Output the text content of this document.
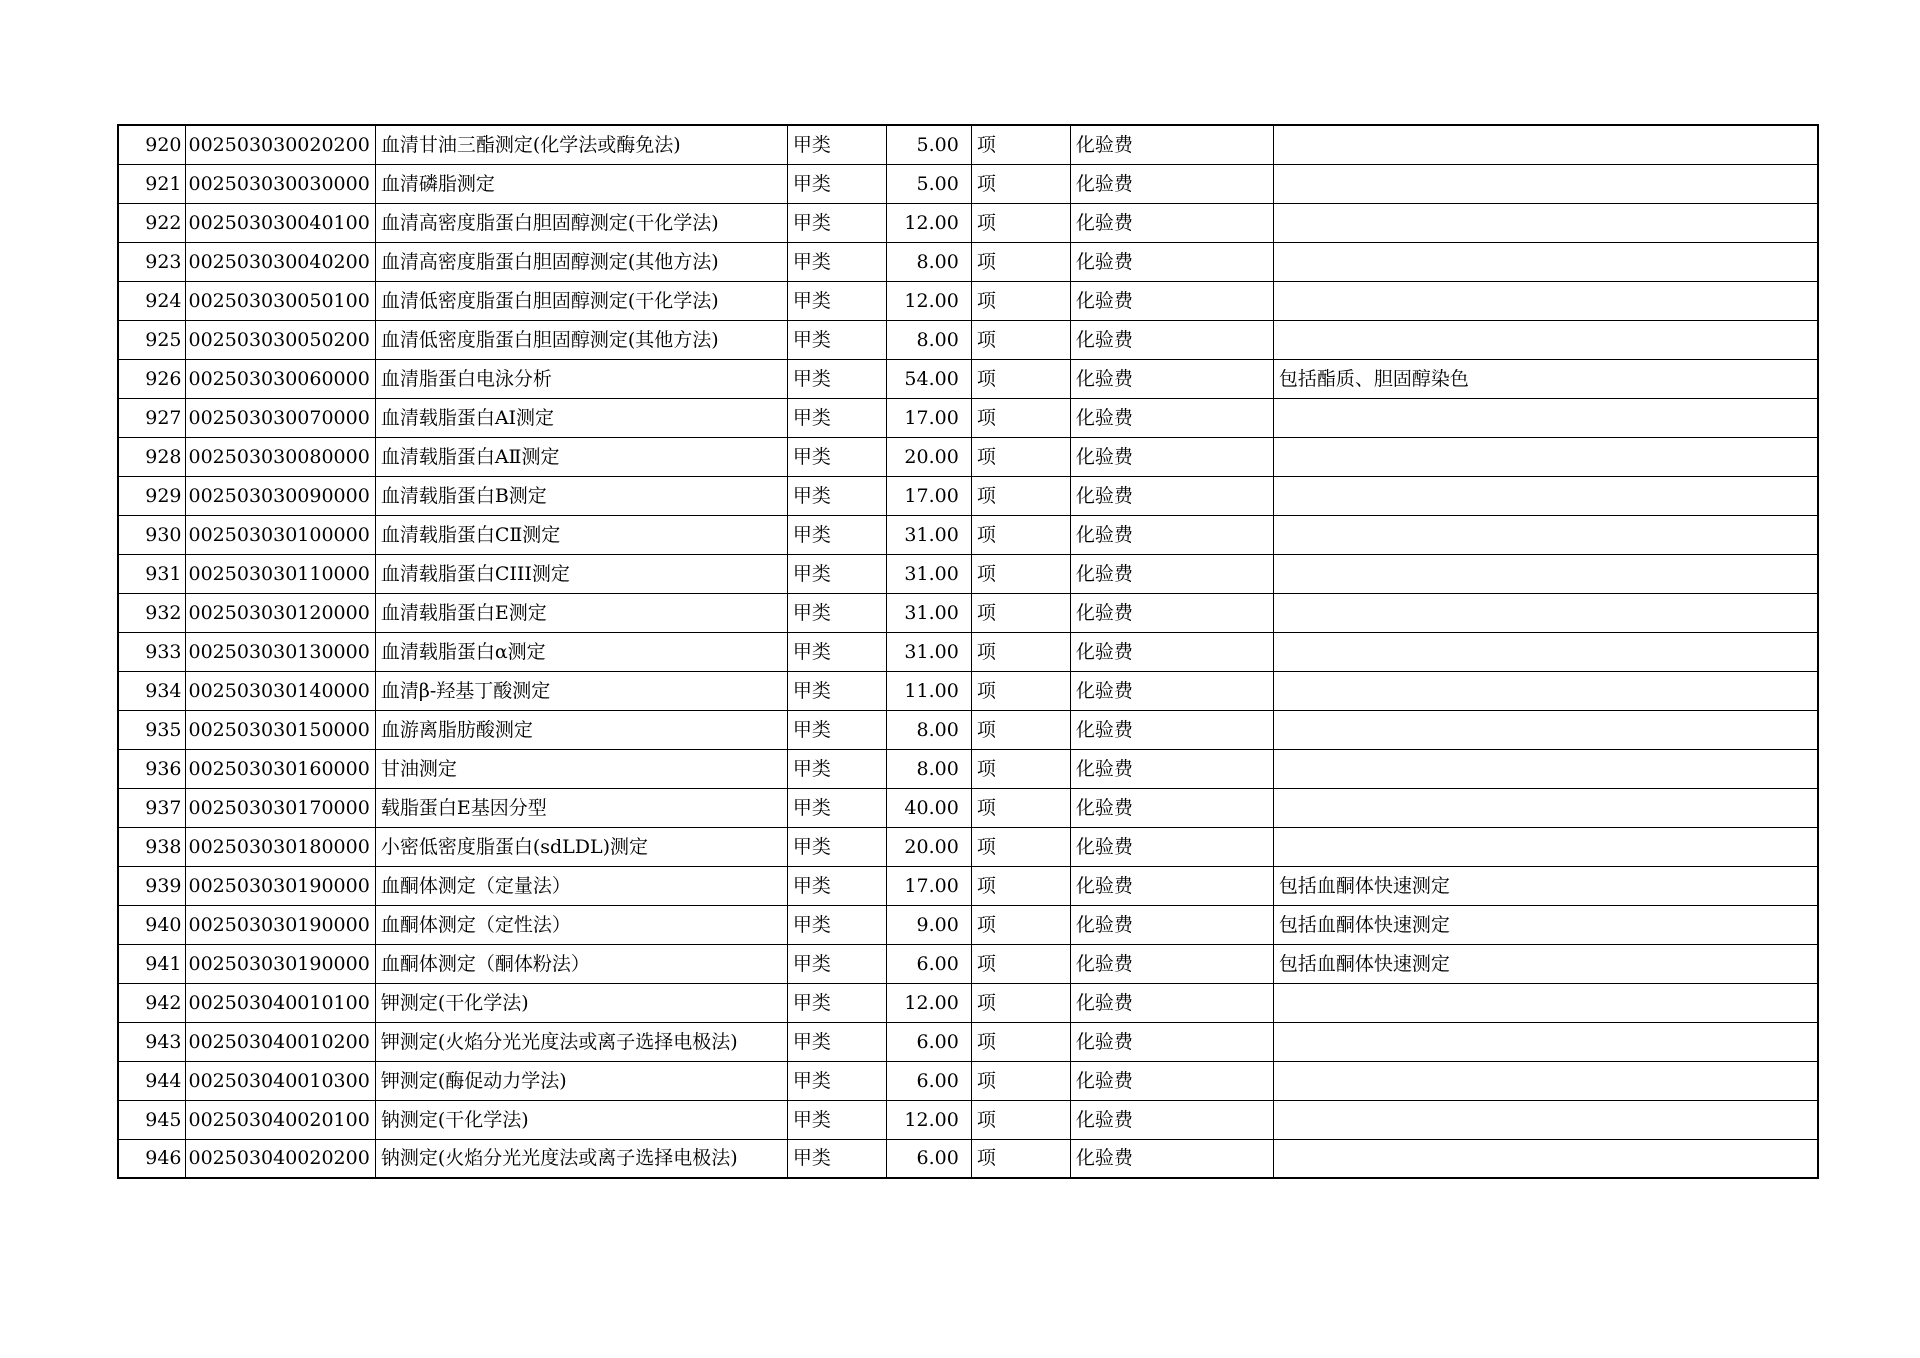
920	002503030020200	血清甘油三酯测定(化学法或酶免法)	甲类	5.00	项	化验费	
921	002503030030000	血清磷脂测定	甲类	5.00	项	化验费	
922	002503030040100	血清高密度脂蛋白胆固醇测定(干化学法)	甲类	12.00	项	化验费	
923	002503030040200	血清高密度脂蛋白胆固醇测定(其他方法)	甲类	8.00	项	化验费	
924	002503030050100	血清低密度脂蛋白胆固醇测定(干化学法)	甲类	12.00	项	化验费	
925	002503030050200	血清低密度脂蛋白胆固醇测定(其他方法)	甲类	8.00	项	化验费	
926	002503030060000	血清脂蛋白电泳分析	甲类	54.00	项	化验费	包括酯质、胆固醇染色
927	002503030070000	血清载脂蛋白AⅠ测定	甲类	17.00	项	化验费	
928	002503030080000	血清载脂蛋白AⅡ测定	甲类	20.00	项	化验费	
929	002503030090000	血清载脂蛋白B测定	甲类	17.00	项	化验费	
930	002503030100000	血清载脂蛋白CⅡ测定	甲类	31.00	项	化验费	
931	002503030110000	血清载脂蛋白CIII测定	甲类	31.00	项	化验费	
932	002503030120000	血清载脂蛋白E测定	甲类	31.00	项	化验费	
933	002503030130000	血清载脂蛋白α测定	甲类	31.00	项	化验费	
934	002503030140000	血清β-羟基丁酸测定	甲类	11.00	项	化验费	
935	002503030150000	血游离脂肪酸测定	甲类	8.00	项	化验费	
936	002503030160000	甘油测定	甲类	8.00	项	化验费	
937	002503030170000	载脂蛋白E基因分型	甲类	40.00	项	化验费	
938	002503030180000	小密低密度脂蛋白(sdLDL)测定	甲类	20.00	项	化验费	
939	002503030190000	血酮体测定（定量法）	甲类	17.00	项	化验费	包括血酮体快速测定
940	002503030190000	血酮体测定（定性法）	甲类	9.00	项	化验费	包括血酮体快速测定
941	002503030190000	血酮体测定（酮体粉法）	甲类	6.00	项	化验费	包括血酮体快速测定
942	002503040010100	钾测定(干化学法)	甲类	12.00	项	化验费	
943	002503040010200	钾测定(火焰分光光度法或离子选择电极法)	甲类	6.00	项	化验费	
944	002503040010300	钾测定(酶促动力学法)	甲类	6.00	项	化验费	
945	002503040020100	钠测定(干化学法)	甲类	12.00	项	化验费	
946	002503040020200	钠测定(火焰分光光度法或离子选择电极法)	甲类	6.00	项	化验费	
